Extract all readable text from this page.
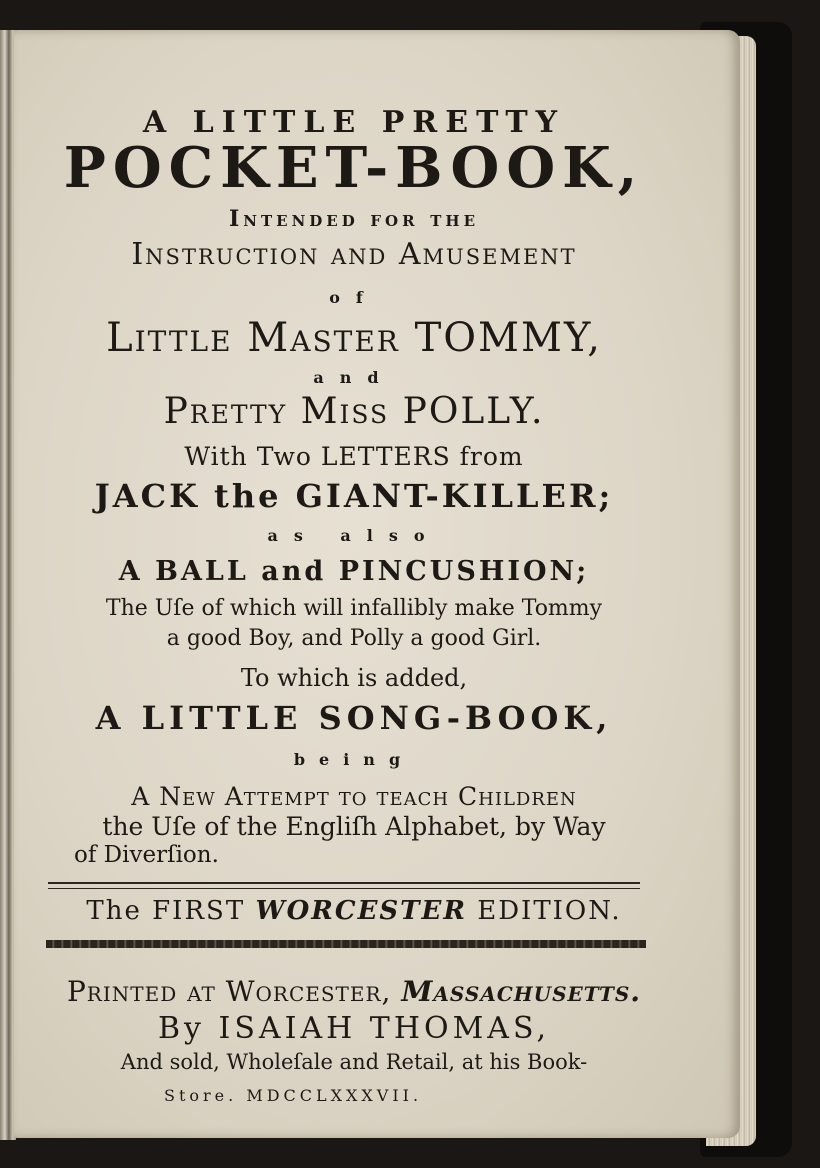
A LITTLE PRETTY
POCKET-BOOK,
Intended for the
Instruction and Amusement
of
Little Master TOMMY,
and
Pretty Miss POLLY.
With Two LETTERS from
JACK the GIANT-KILLER;
as also
A BALL and PINCUSHION;
The Uſe of which will infallibly make Tommy
a good Boy, and Polly a good Girl.
To which is added,
A LITTLE SONG-BOOK,
being
A New Attempt to teach Children
the Uſe of the Engliſh Alphabet, by Way
of Diverſion.
The FIRST WORCESTER EDITION.
Printed at Worcester, Maſſachuſetts.
By ISAIAH THOMAS,
And sold, Wholeſale and Retail, at his Book-
Store. MDCCLXXXVII.
